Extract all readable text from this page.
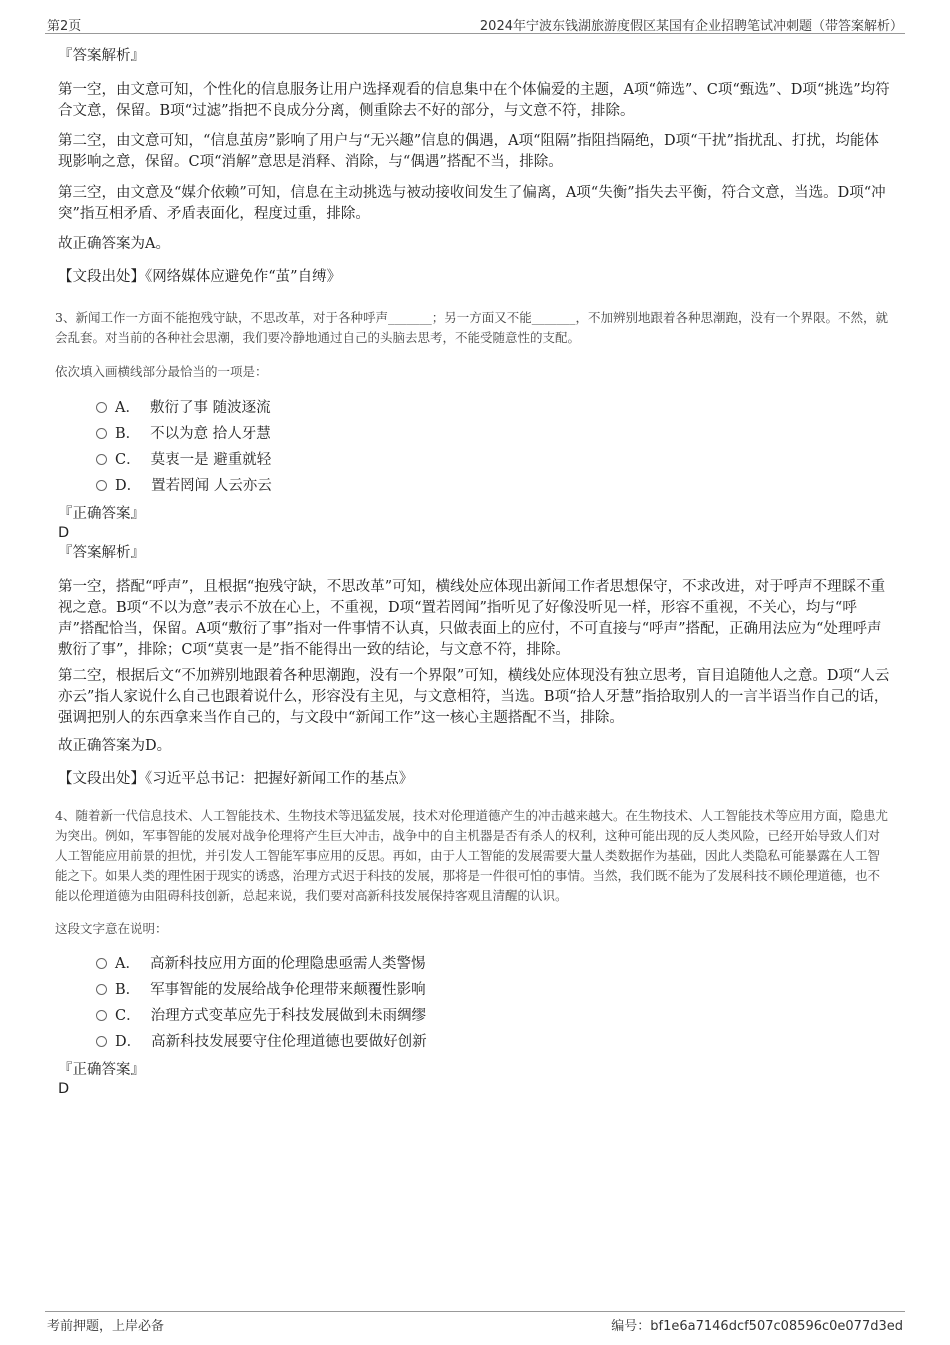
第2页	2024年宁波东钱湖旅游度假区某国有企业招聘笔试冲刺题（带答案解析）
『答案解析』
第一空，由文意可知，个性化的信息服务让用户选择观看的信息集中在个体偏爱的主题，A项“筛选”、C项“甄选”、D项“挑选”均符合文意，保留。B项“过滤”指把不良成分分离，侧重除去不好的部分，与文意不符，排除。
第二空，由文意可知，“信息茧房”影响了用户与“无兴趣”信息的偶遇，A项“阻隔”指阻挡隔绝，D项“干扰”指扰乱、打扰，均能体现影响之意，保留。C项“消解”意思是消释、消除，与“偶遇”搭配不当，排除。
第三空，由文意及“媒介依赖”可知，信息在主动挑选与被动接收间发生了偏离，A项“失衡”指失去平衡，符合文意，当选。D项“冲突”指互相矛盾、矛盾表面化，程度过重，排除。
故正确答案为A。
【文段出处】《网络媒体应避免作“茧”自缚》
3、新闻工作一方面不能抱残守缺，不思改革，对于各种呼声_______；另一方面又不能_______，不加辨别地跟着各种思潮跑，没有一个界限。不然，就会乱套。对当前的各种社会思潮，我们要冷静地通过自己的头脑去思考，不能受随意性的支配。
依次填入画横线部分最恰当的一项是：
A． 敷衍了事 随波逐流
B． 不以为意 拾人牙慧
C． 莫衷一是 避重就轻
D． 置若罔闻 人云亦云
『正确答案』
D
『答案解析』
第一空，搭配“呼声”，且根据“抱残守缺，不思改革”可知，横线处应体现出新闻工作者思想保守，不求改进，对于呼声不理睬不重视之意。B项“不以为意”表示不放在心上，不重视，D项“置若罔闻”指听见了好像没听见一样，形容不重视，不关心，均与“呼声”搭配恰当，保留。A项“敷衍了事”指对一件事情不认真，只做表面上的应付，不可直接与“呼声”搭配，正确用法应为“处理呼声敷衍了事”，排除；C项“莫衷一是”指不能得出一致的结论，与文意不符，排除。
第二空，根据后文“不加辨别地跟着各种思潮跑，没有一个界限”可知，横线处应体现没有独立思考，盲目追随他人之意。D项“人云亦云”指人家说什么自己也跟着说什么，形容没有主见，与文意相符，当选。B项“拾人牙慧”指拾取别人的一言半语当作自己的话，强调把别人的东西拿来当作自己的，与文段中“新闻工作”这一核心主题搭配不当，排除。
故正确答案为D。
【文段出处】《习近平总书记：把握好新闻工作的基点》
4、随着新一代信息技术、人工智能技术、生物技术等迅猛发展，技术对伦理道德产生的冲击越来越大。在生物技术、人工智能技术等应用方面，隐患尤为突出。例如，军事智能的发展对战争伦理将产生巨大冲击，战争中的自主机器是否有杀人的权利，这种可能出现的反人类风险，已经开始导致人们对人工智能应用前景的担忧，并引发人工智能军事应用的反思。再如，由于人工智能的发展需要大量人类数据作为基础，因此人类隐私可能暴露在人工智能之下。如果人类的理性困于现实的诱惑，治理方式迟于科技的发展，那将是一件很可怕的事情。当然，我们既不能为了发展科技不顾伦理道德，也不能以伦理道德为由阻碍科技创新，总起来说，我们要对高新科技发展保持客观且清醒的认识。
这段文字意在说明：
A． 高新科技应用方面的伦理隐患亟需人类警惕
B． 军事智能的发展给战争伦理带来颠覆性影响
C． 治理方式变革应先于科技发展做到未雨绸缪
D． 高新科技发展要守住伦理道德也要做好创新
『正确答案』
D
考前押题，上岸必备	编号：bf1e6a7146dcf507c08596c0e077d3ed
